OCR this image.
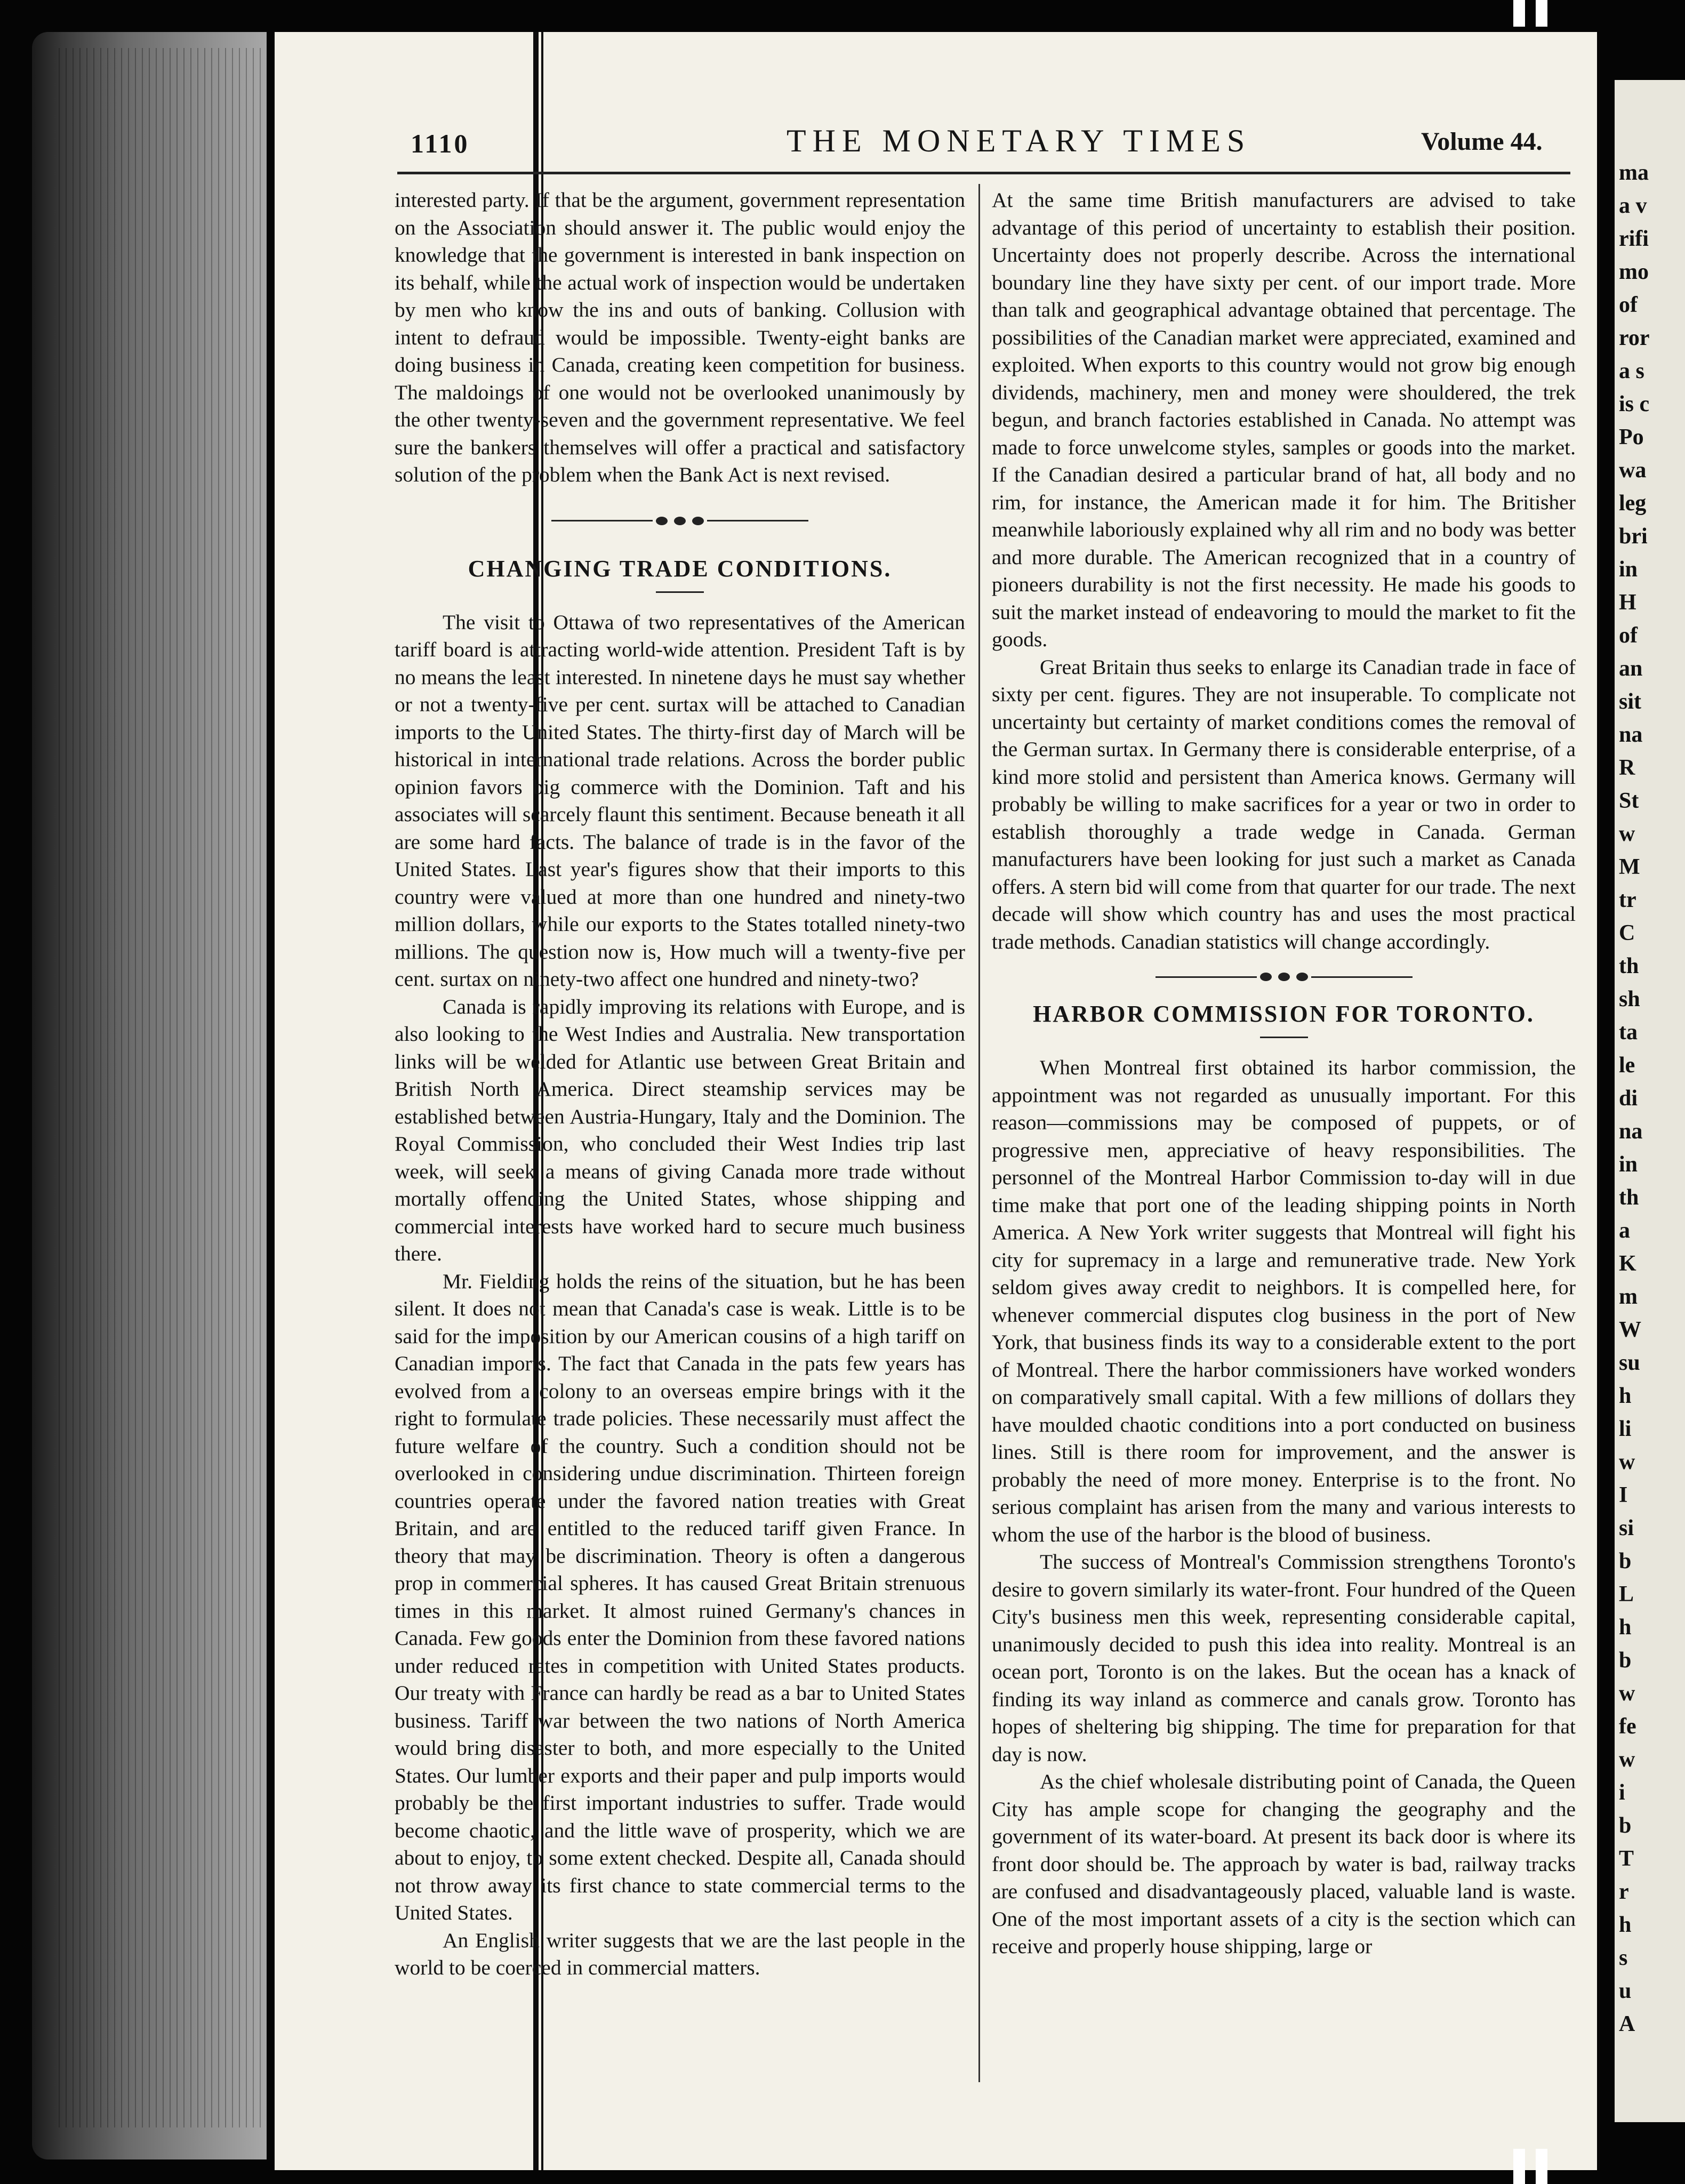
1110	THE MONETARY TIMES	Volume 44.

interested party. If that be the argument, government representation on the Association should answer it. The public would enjoy the knowledge that the government is interested in bank inspection on its behalf, while the actual work of inspection would be undertaken by men who know the ins and outs of banking. Collusion with intent to defraud would be impossible. Twenty-eight banks are doing business in Canada, creating keen competition for business. The maldoings of one would not be overlooked unanimously by the other twenty-seven and the government representative. We feel sure the bankers themselves will offer a practical and satisfactory solution of the problem when the Bank Act is next revised.

CHANGING TRADE CONDITIONS.

The visit to Ottawa of two representatives of the American tariff board is attracting world-wide attention. President Taft is by no means the least interested. In ninetene days he must say whether or not a twenty-five per cent. surtax will be attached to Canadian imports to the United States. The thirty-first day of March will be historical in international trade relations. Across the border public opinion favors big commerce with the Dominion. Taft and his associates will scarcely flaunt this sentiment. Because beneath it all are some hard facts. The balance of trade is in the favor of the United States. Last year's figures show that their imports to this country were valued at more than one hundred and ninety-two million dollars, while our exports to the States totalled ninety-two millions. The question now is, How much will a twenty-five per cent. surtax on ninety-two affect one hundred and ninety-two?

Canada is rapidly improving its relations with Europe, and is also looking to the West Indies and Australia. New transportation links will be welded for Atlantic use between Great Britain and British North America. Direct steamship services may be established between Austria-Hungary, Italy and the Dominion. The Royal Commission, who concluded their West Indies trip last week, will seek a means of giving Canada more trade without mortally offending the United States, whose shipping and commercial interests have worked hard to secure much business there.

Mr. Fielding holds the reins of the situation, but he has been silent. It does not mean that Canada's case is weak. Little is to be said for the imposition by our American cousins of a high tariff on Canadian imports. The fact that Canada in the pats few years has evolved from a colony to an overseas empire brings with it the right to formulate trade policies. These necessarily must affect the future welfare of the country. Such a condition should not be overlooked in considering undue discrimination. Thirteen foreign countries operate under the favored nation treaties with Great Britain, and are entitled to the reduced tariff given France. In theory that may be discrimination. Theory is often a dangerous prop in commercial spheres. It has caused Great Britain strenuous times in this market. It almost ruined Germany's chances in Canada. Few goods enter the Dominion from these favored nations under reduced rates in competition with United States products. Our treaty with France can hardly be read as a bar to United States business. Tariff war between the two nations of North America would bring disaster to both, and more especially to the United States. Our lumber exports and their paper and pulp imports would probably be the first important industries to suffer. Trade would become chaotic, and the little wave of prosperity, which we are about to enjoy, to some extent checked. Despite all, Canada should not throw away its first chance to state commercial terms to the United States.

An English writer suggests that we are the last people in the world to be coerced in commercial matters.

At the same time British manufacturers are advised to take advantage of this period of uncertainty to establish their position. Uncertainty does not properly describe. Across the international boundary line they have sixty per cent. of our import trade. More than talk and geographical advantage obtained that percentage. The possibilities of the Canadian market were appreciated, examined and exploited. When exports to this country would not grow big enough dividends, machinery, men and money were shouldered, the trek begun, and branch factories established in Canada. No attempt was made to force unwelcome styles, samples or goods into the market. If the Canadian desired a particular brand of hat, all body and no rim, for instance, the American made it for him. The Britisher meanwhile laboriously explained why all rim and no body was better and more durable. The American recognized that in a country of pioneers durability is not the first necessity. He made his goods to suit the market instead of endeavoring to mould the market to fit the goods.

Great Britain thus seeks to enlarge its Canadian trade in face of sixty per cent. figures. They are not insuperable. To complicate not uncertainty but certainty of market conditions comes the removal of the German surtax. In Germany there is considerable enterprise, of a kind more stolid and persistent than America knows. Germany will probably be willing to make sacrifices for a year or two in order to establish thoroughly a trade wedge in Canada. German manufacturers have been looking for just such a market as Canada offers. A stern bid will come from that quarter for our trade. The next decade will show which country has and uses the most practical trade methods. Canadian statistics will change accordingly.

HARBOR COMMISSION FOR TORONTO.

When Montreal first obtained its harbor commission, the appointment was not regarded as unusually important. For this reason—commissions may be composed of puppets, or of progressive men, appreciative of heavy responsibilities. The personnel of the Montreal Harbor Commission to-day will in due time make that port one of the leading shipping points in North America. A New York writer suggests that Montreal will fight his city for supremacy in a large and remunerative trade. New York seldom gives away credit to neighbors. It is compelled here, for whenever commercial disputes clog business in the port of New York, that business finds its way to a considerable extent to the port of Montreal. There the harbor commissioners have worked wonders on comparatively small capital. With a few millions of dollars they have moulded chaotic conditions into a port conducted on business lines. Still is there room for improvement, and the answer is probably the need of more money. Enterprise is to the front. No serious complaint has arisen from the many and various interests to whom the use of the harbor is the blood of business.

The success of Montreal's Commission strengthens Toronto's desire to govern similarly its water-front. Four hundred of the Queen City's business men this week, representing considerable capital, unanimously decided to push this idea into reality. Montreal is an ocean port, Toronto is on the lakes. But the ocean has a knack of finding its way inland as commerce and canals grow. Toronto has hopes of sheltering big shipping. The time for preparation for that day is now.

As the chief wholesale distributing point of Canada, the Queen City has ample scope for changing the geography and the government of its water-board. At present its back door is where its front door should be. The approach by water is bad, railway tracks are confused and disadvantageously placed, valuable land is waste. One of the most important assets of a city is the section which can receive and properly house shipping, large or

ma
a v
rifi
mo
of
ror
a s
is c
Po
wa
leg
bri
in
H
of
an
sit
na
R
St
w
M
tr
C
th
sh
ta
le
di
na
in
th
a
K
m
W
su
h
li
w
I
si
b
L
h
b
w
fe
w
i
b
T
r
h
s
u
A
